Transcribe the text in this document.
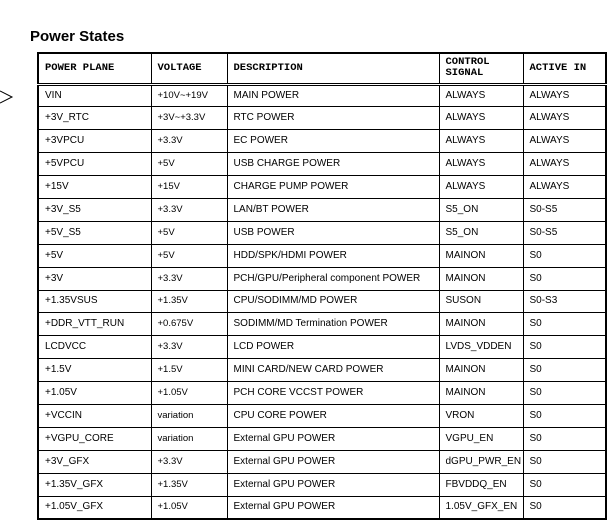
Power States
POWER PLANE	VOLTAGE	DESCRIPTION	CONTROL SIGNAL	ACTIVE IN
VIN	+10V~+19V	MAIN POWER	ALWAYS	ALWAYS
+3V_RTC	+3V~+3.3V	RTC POWER	ALWAYS	ALWAYS
+3VPCU	+3.3V	EC POWER	ALWAYS	ALWAYS
+5VPCU	+5V	USB CHARGE POWER	ALWAYS	ALWAYS
+15V	+15V	CHARGE PUMP POWER	ALWAYS	ALWAYS
+3V_S5	+3.3V	LAN/BT POWER	S5_ON	S0-S5
+5V_S5	+5V	USB POWER	S5_ON	S0-S5
+5V	+5V	HDD/SPK/HDMI POWER	MAINON	S0
+3V	+3.3V	PCH/GPU/Peripheral component POWER	MAINON	S0
+1.35VSUS	+1.35V	CPU/SODIMM/MD POWER	SUSON	S0-S3
+DDR_VTT_RUN	+0.675V	SODIMM/MD Termination POWER	MAINON	S0
LCDVCC	+3.3V	LCD POWER	LVDS_VDDEN	S0
+1.5V	+1.5V	MINI CARD/NEW CARD POWER	MAINON	S0
+1.05V	+1.05V	PCH CORE VCCST POWER	MAINON	S0
+VCCIN	variation	CPU CORE POWER	VRON	S0
+VGPU_CORE	variation	External GPU POWER	VGPU_EN	S0
+3V_GFX	+3.3V	External GPU POWER	dGPU_PWR_EN	S0
+1.35V_GFX	+1.35V	External GPU POWER	FBVDDQ_EN	S0
+1.05V_GFX	+1.05V	External GPU POWER	1.05V_GFX_EN	S0
